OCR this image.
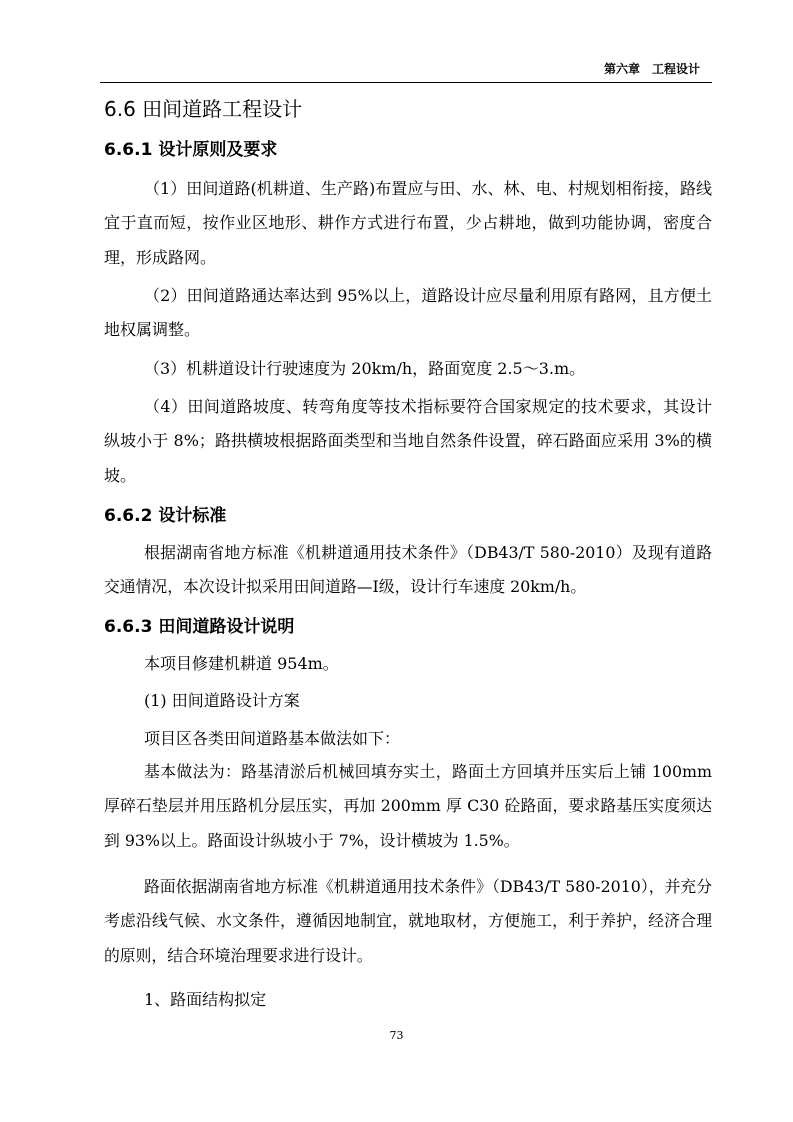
第六章 工程设计
6.6 田间道路工程设计
6.6.1 设计原则及要求
（1）田间道路(机耕道、生产路)布置应与田、水、林、电、村规划相衔接，路线宜于直而短，按作业区地形、耕作方式进行布置，少占耕地，做到功能协调，密度合理，形成路网。
（2）田间道路通达率达到 95%以上，道路设计应尽量利用原有路网，且方便土地权属调整。
（3）机耕道设计行驶速度为 20km/h，路面宽度 2.5～3.m。
（4）田间道路坡度、转弯角度等技术指标要符合国家规定的技术要求，其设计纵坡小于 8%；路拱横坡根据路面类型和当地自然条件设置，碎石路面应采用 3%的横坡。
6.6.2 设计标准
根据湖南省地方标准《机耕道通用技术条件》（DB43/T 580-2010）及现有道路交通情况，本次设计拟采用田间道路—I级，设计行车速度 20km/h。
6.6.3 田间道路设计说明
本项目修建机耕道 954m。
(1) 田间道路设计方案
项目区各类田间道路基本做法如下：
基本做法为：路基清淤后机械回填夯实土，路面土方回填并压实后上铺 100mm 厚碎石垫层并用压路机分层压实，再加 200mm 厚 C30 砼路面，要求路基压实度须达到 93%以上。路面设计纵坡小于 7%，设计横坡为 1.5%。
路面依据湖南省地方标准《机耕道通用技术条件》（DB43/T 580-2010），并充分考虑沿线气候、水文条件，遵循因地制宜，就地取材，方便施工，利于养护，经济合理的原则，结合环境治理要求进行设计。
1、路面结构拟定
73
